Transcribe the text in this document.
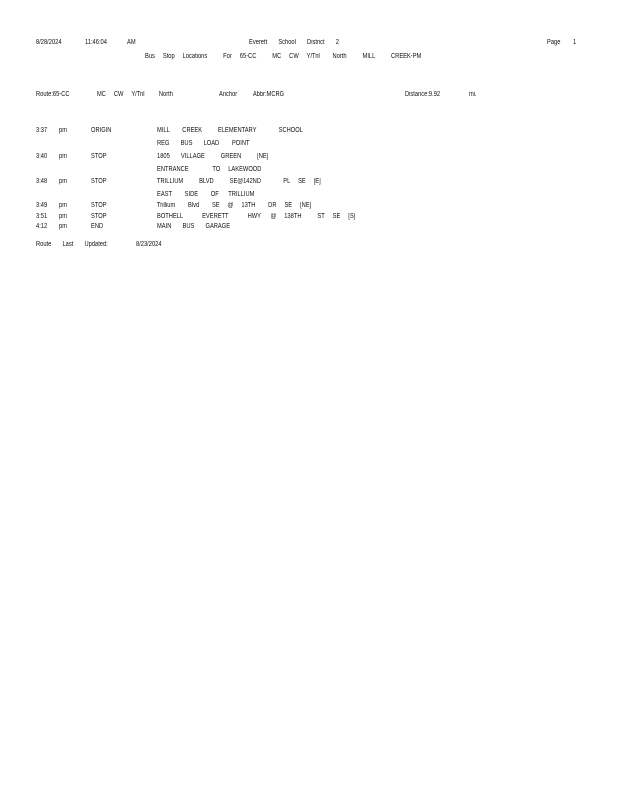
8/28/2024	11:46:04	AM	Everett       School       District       2	Page 1
Bus     Stop     Locations          For     65-CC          MC     CW     Y/Tril        North          MILL          CREEK-PM
Route:65-CC	MC     CW     Y/Tril         North	Anchor          Abbr:MCRG	Distance:9.92	mi.
3:37 pm	ORIGIN	MILL        CREEK          ELEMENTARY              SCHOOL
REG       BUS       LOAD        POINT
3:40 pm	STOP	1805       VILLAGE          GREEN          [NE]
ENTRANCE               TO     LAKEWOOD
3:48 pm	STOP	TRILLIUM          BLVD          SE@142ND              PL     SE     [E]
EAST        SIDE        OF      TRILLIUM
3:49 pm	STOP	Trillium        Blvd        SE     @     13TH        DR     SE     [NE]
3:51 pm	STOP	BOTHELL            EVERETT            HWY      @     138TH          ST     SE     [S]
4:12 pm	END	MAIN       BUS       GARAGE
Route       Last       Updated:	8/23/2024
